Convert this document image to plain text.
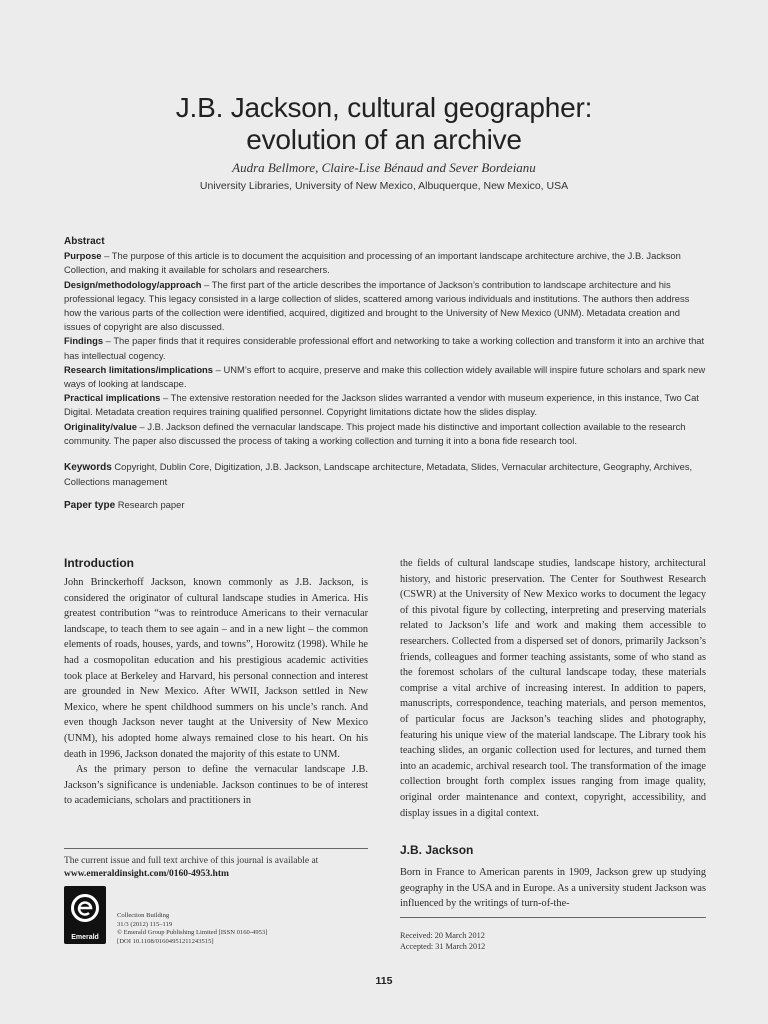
J.B. Jackson, cultural geographer:
evolution of an archive
Audra Bellmore, Claire-Lise Bénaud and Sever Bordeianu
University Libraries, University of New Mexico, Albuquerque, New Mexico, USA
Abstract

Purpose – The purpose of this article is to document the acquisition and processing of an important landscape architecture archive, the J.B. Jackson Collection, and making it available for scholars and researchers.

Design/methodology/approach – The first part of the article describes the importance of Jackson’s contribution to landscape architecture and his professional legacy. This legacy consisted in a large collection of slides, scattered among various individuals and institutions. The authors then address how the various parts of the collection were identified, acquired, digitized and brought to the University of New Mexico (UNM). Metadata creation and issues of copyright are also discussed.

Findings – The paper finds that it requires considerable professional effort and networking to take a working collection and transform it into an archive that has intellectual cogency.

Research limitations/implications – UNM’s effort to acquire, preserve and make this collection widely available will inspire future scholars and spark new ways of looking at landscape.

Practical implications – The extensive restoration needed for the Jackson slides warranted a vendor with museum experience, in this instance, Two Cat Digital. Metadata creation requires training qualified personnel. Copyright limitations dictate how the slides display.

Originality/value – J.B. Jackson defined the vernacular landscape. This project made his distinctive and important collection available to the research community. The paper also discussed the process of taking a working collection and turning it into a bona fide research tool.

Keywords Copyright, Dublin Core, Digitization, J.B. Jackson, Landscape architecture, Metadata, Slides, Vernacular architecture, Geography, Archives, Collections management
Paper type Research paper
Introduction

John Brinckerhoff Jackson, known commonly as J.B. Jackson, is considered the originator of cultural landscape studies in America. His greatest contribution “was to reintroduce Americans to their vernacular landscape, to teach them to see again – and in a new light – the common elements of roads, houses, yards, and towns”, Horowitz (1998). While he had a cosmopolitan education and his prestigious academic activities took place at Berkeley and Harvard, his personal connection and interest are grounded in New Mexico. After WWII, Jackson settled in New Mexico, where he spent childhood summers on his uncle’s ranch. And even though Jackson never taught at the University of New Mexico (UNM), his adopted home always remained close to his heart. On his death in 1996, Jackson donated the majority of this estate to UNM.

As the primary person to define the vernacular landscape J.B. Jackson’s significance is undeniable. Jackson continues to be of interest to academicians, scholars and practitioners in

the fields of cultural landscape studies, landscape history, architectural history, and historic preservation. The Center for Southwest Research (CSWR) at the University of New Mexico works to document the legacy of this pivotal figure by collecting, interpreting and preserving materials related to Jackson’s life and work and making them accessible to researchers. Collected from a dispersed set of donors, primarily Jackson’s friends, colleagues and former teaching assistants, some of who stand as the foremost scholars of the cultural landscape today, these materials comprise a vital archive of increasing interest. In addition to papers, manuscripts, correspondence, teaching materials, and person mementos, of particular focus are Jackson’s teaching slides and photography, featuring his unique view of the material landscape. The Library took his teaching slides, an organic collection used for lectures, and turned them into an academic, archival research tool. The transformation of the image collection brought forth complex issues ranging from image quality, original order maintenance and context, copyright, accessibility, and display issues in a digital context.

J.B. Jackson

Born in France to American parents in 1909, Jackson grew up studying geography in the USA and in Europe. As a university student Jackson was influenced by the writings of turn-of-the-

The current issue and full text archive of this journal is available at
www.emeraldinsight.com/0160-4953.htm
Emerald
Collection Building
31/3 (2012) 115–119
© Emerald Group Publishing Limited [ISSN 0160-4953]
[DOI 10.1108/01604951211243515]
Received: 20 March 2012
Accepted: 31 March 2012
115
